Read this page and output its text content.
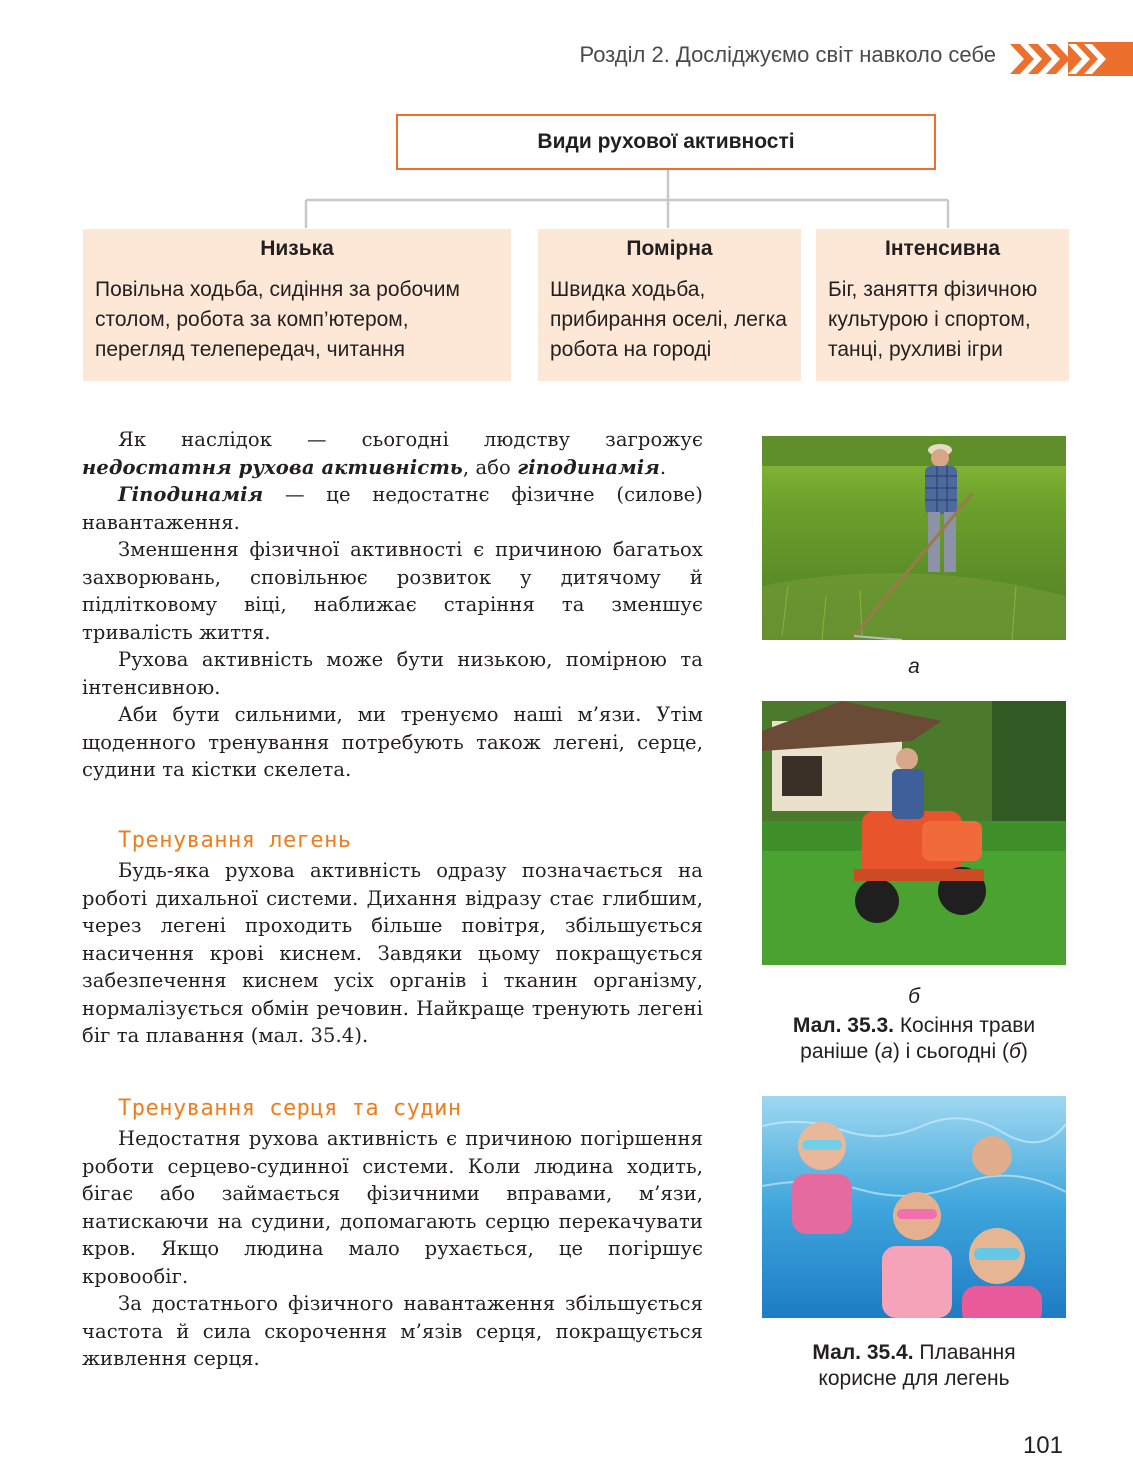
Розділ 2. Досліджуємо світ навколо себе
Види рухової активності
Низька
Повільна ходьба, сидіння за робочим столом, робота за комп’ютером, перегляд телепередач, читання
Помірна
Швидка ходьба, прибирання оселі, легка робота на городі
Інтенсивна
Біг, заняття фізичною культурою і спортом, танці, рухливі ігри

Як наслідок — сьогодні людству загрожує недостатня рухова активність, або гіподинамія.

Гіподинамія — це недостатнє фізичне (силове) навантаження.

Зменшення фізичної активності є причиною багатьох захворювань, сповільнює розвиток у дитячому й підлітковому віці, наближає старіння та зменшує тривалість життя.

Рухова активність може бути низькою, помірною та інтенсивною.

Аби бути сильними, ми тренуємо наші м’язи. Утім щоденного тренування потребують також легені, серце, судини та кістки скелета.

Тренування легень

Будь-яка рухова активність одразу позначається на роботі дихальної системи. Дихання відразу стає глибшим, через легені проходить більше повітря, збільшується насичення крові киснем. Завдяки цьому покращується забезпечення киснем усіх органів і тканин організму, нормалізується обмін речовин. Найкраще тренують легені біг та плавання (мал. 35.4).

Тренування серця та судин

Недостатня рухова активність є причиною погіршення роботи серцево-судинної системи. Коли людина ходить, бігає або займається фізичними вправами, м’язи, натискаючи на судини, допомагають серцю перекачувати кров. Якщо людина мало рухається, це погіршує кровообіг.

За достатнього фізичного навантаження збільшується частота й сила скорочення м’язів серця, покращується живлення серця.

а
б
Мал. 35.3. Косіння трави
раніше (а) і сьогодні (б)
Мал. 35.4. Плавання
корисне для легень
101
